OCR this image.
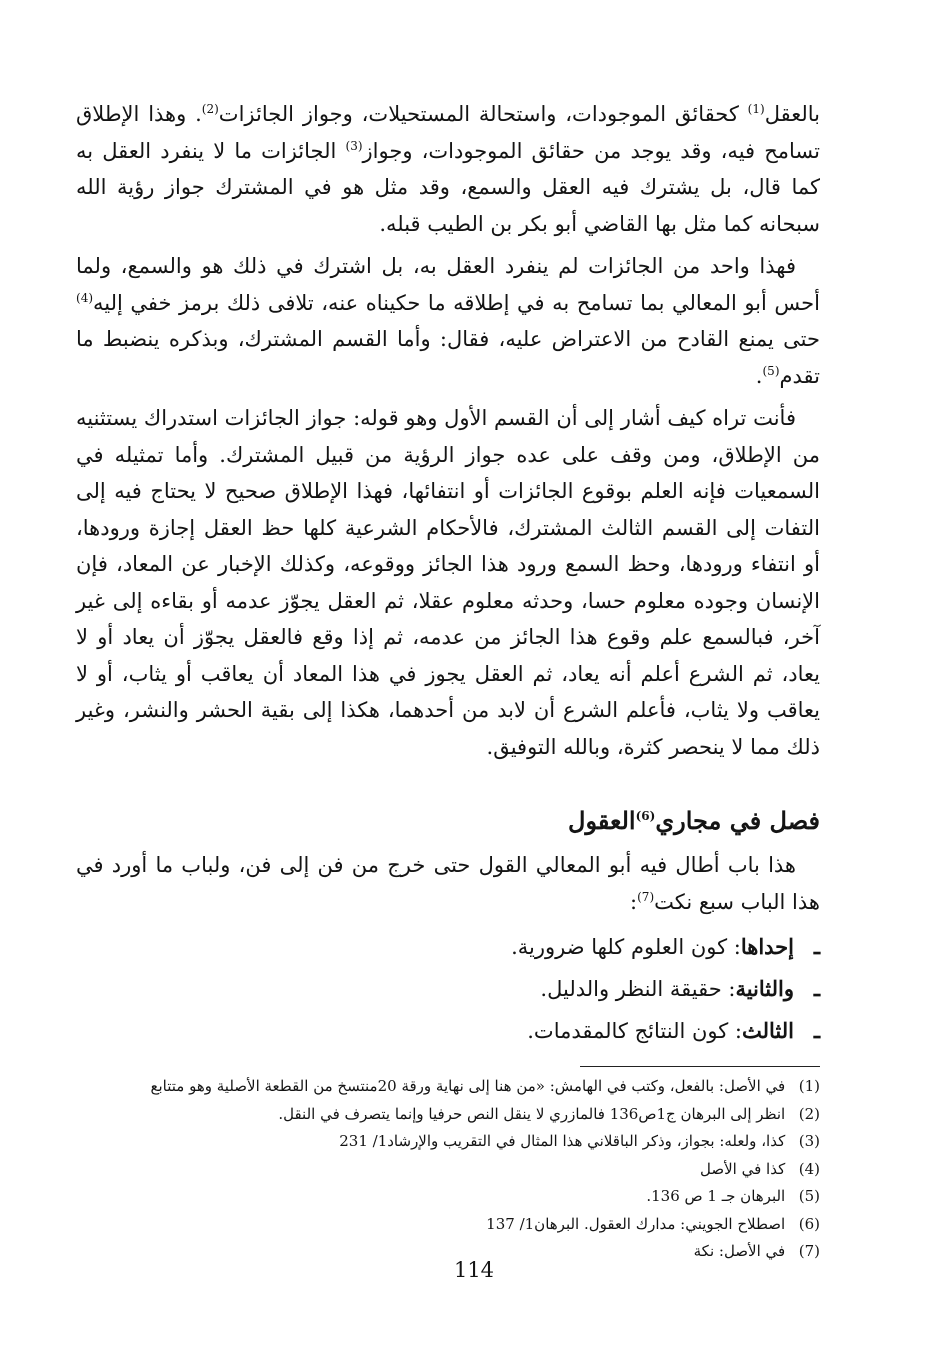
بالعقل$^{(1)}$ كحقائق الموجودات، واستحالة المستحيلات، وجواز الجائزات$^{(2)}$. وهذا الإطلاق تسامح فيه، وقد يوجد من حقائق الموجودات، وجواز$^{(3)}$ الجائزات ما لا ينفرد العقل به كما قال، بل يشترك فيه العقل والسمع، وقد مثل هو في المشترك جواز رؤية الله سبحانه كما مثل بها القاضي أبو بكر بن الطيب قبله.

فهذا واحد من الجائزات لم ينفرد العقل به، بل اشترك في ذلك هو والسمع، ولما أحس أبو المعالي بما تسامح به في إطلاقه ما حكيناه عنه، تلافى ذلك برمز خفي إليه$^{(4)}$ حتى يمنع القادح من الاعتراض عليه، فقال: وأما القسم المشترك، وبذكره ينضبط ما تقدم$^{(5)}$.

فأنت تراه كيف أشار إلى أن القسم الأول وهو قوله: جواز الجائزات استدراك يستثنيه من الإطلاق، ومن وقف على عده جواز الرؤية من قبيل المشترك. وأما تمثيله في السمعيات فإنه العلم بوقوع الجائزات أو انتفائها، فهذا الإطلاق صحيح لا يحتاج فيه إلى التفات إلى القسم الثالث المشترك، فالأحكام الشرعية كلها حظ العقل إجازة ورودها، أو انتفاء ورودها، وحظ السمع ورود هذا الجائز ووقوعه، وكذلك الإخبار عن المعاد، فإن الإنسان وجوده معلوم حسا، وحدثه معلوم عقلا، ثم العقل يجوّز عدمه أو بقاءه إلى غير آخر، فبالسمع علم وقوع هذا الجائز من عدمه، ثم إذا وقع فالعقل يجوّز أن يعاد أو لا يعاد، ثم الشرع أعلم أنه يعاد، ثم العقل يجوز في هذا المعاد أن يعاقب أو يثاب، أو لا يعاقب ولا يثاب، فأعلم الشرع أن لابد من أحدهما، هكذا إلى بقية الحشر والنشر، وغير ذلك مما لا ينحصر كثرة، وبالله التوفيق.

فصل في مجاري$^{(6)}$العقول

هذا باب أطال فيه أبو المعالي القول حتى خرج من فن إلى فن، ولباب ما أورد في هذا الباب سبع نكت$^{(7)}$:

ـ إحداها: كون العلوم كلها ضرورية.
ـ والثانية: حقيقة النظر والدليل.
ـ الثالث: كون النتائج كالمقدمات.
(1) في الأصل: بالفعل، وكتب في الهامش: «من هنا إلى نهاية ورقة 20منتسخ من القطعة الأصلية وهو متتابع
(2) انظر إلى البرهان ج1ص136 فالمازري لا ينقل النص حرفيا وإنما يتصرف في النقل.
(3) كذا، ولعله: بجواز، وذكر الباقلاني هذا المثال في التقريب والإرشاد1/ 231
(4) كذا في الأصل
(5) البرهان جـ 1 ص 136.
(6) اصطلاح الجويني: مدارك العقول. البرهان1/ 137
(7) في الأصل: نكة
114
